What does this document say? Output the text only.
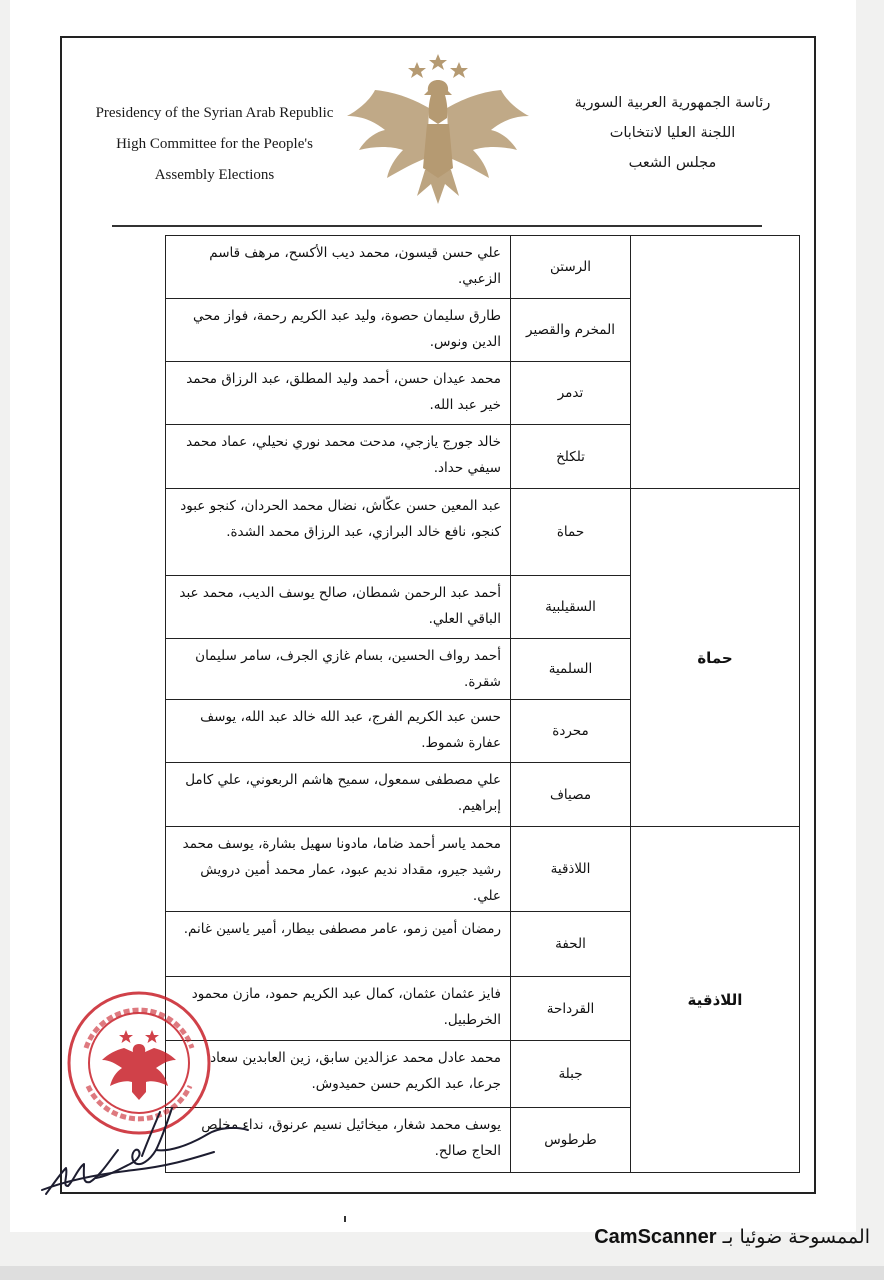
Presidency of the Syrian Arab Republic
High Committee for the People's
Assembly Elections
رئاسة الجمهورية العربية السورية
اللجنة العليا لانتخابات
مجلس الشعب
حماة
اللاذقية
الرستن
علي حسن قيسون، محمد ديب الأكسح، مرهف قاسم الزعبي.
المخرم والقصير
طارق سليمان حصوة، وليد عبد الكريم رحمة، فواز محي الدين ونوس.
تدمر
محمد عيدان حسن، أحمد وليد المطلق، عبد الرزاق محمد خير عبد الله.
تلكلخ
خالد جورج يازجي، مدحت محمد نوري نحيلي، عماد محمد سيفي حداد.
حماة
عبد المعين حسن عكّاش، نضال محمد الحردان، كنجو عبود كنجو، نافع خالد البرازي، عبد الرزاق محمد الشدة.
السقيلبية
أحمد عبد الرحمن شمطان، صالح يوسف الديب، محمد عبد الباقي العلي.
السلمية
أحمد رواف الحسين، بسام غازي الجرف، سامر سليمان شقرة.
محردة
حسن عبد الكريم الفرج، عبد الله خالد عبد الله، يوسف عفارة شموط.
مصياف
علي مصطفى سمعول، سميح هاشم الربعوني، علي كامل إبراهيم.
اللاذقية
محمد ياسر أحمد ضاما، مادونا سهيل بشارة، يوسف محمد رشيد جيرو، مقداد نديم عبود، عمار محمد أمين درويش علي.
الحفة
رمضان أمين زمو، عامر مصطفى بيطار، أمير ياسين غانم.
القرداحة
فايز عثمان عثمان، كمال عبد الكريم حمود، مازن محمود الخرطبيل.
جبلة
محمد عادل محمد عزالدين سابق، زين العابدين سعاد جرعا، عبد الكريم حسن حميدوش.
طرطوس
يوسف محمد شغار، ميخائيل نسيم عرنوق، نداء مخلص الحاج صالح.
الممسوحة ضوئيا بـ CamScanner
